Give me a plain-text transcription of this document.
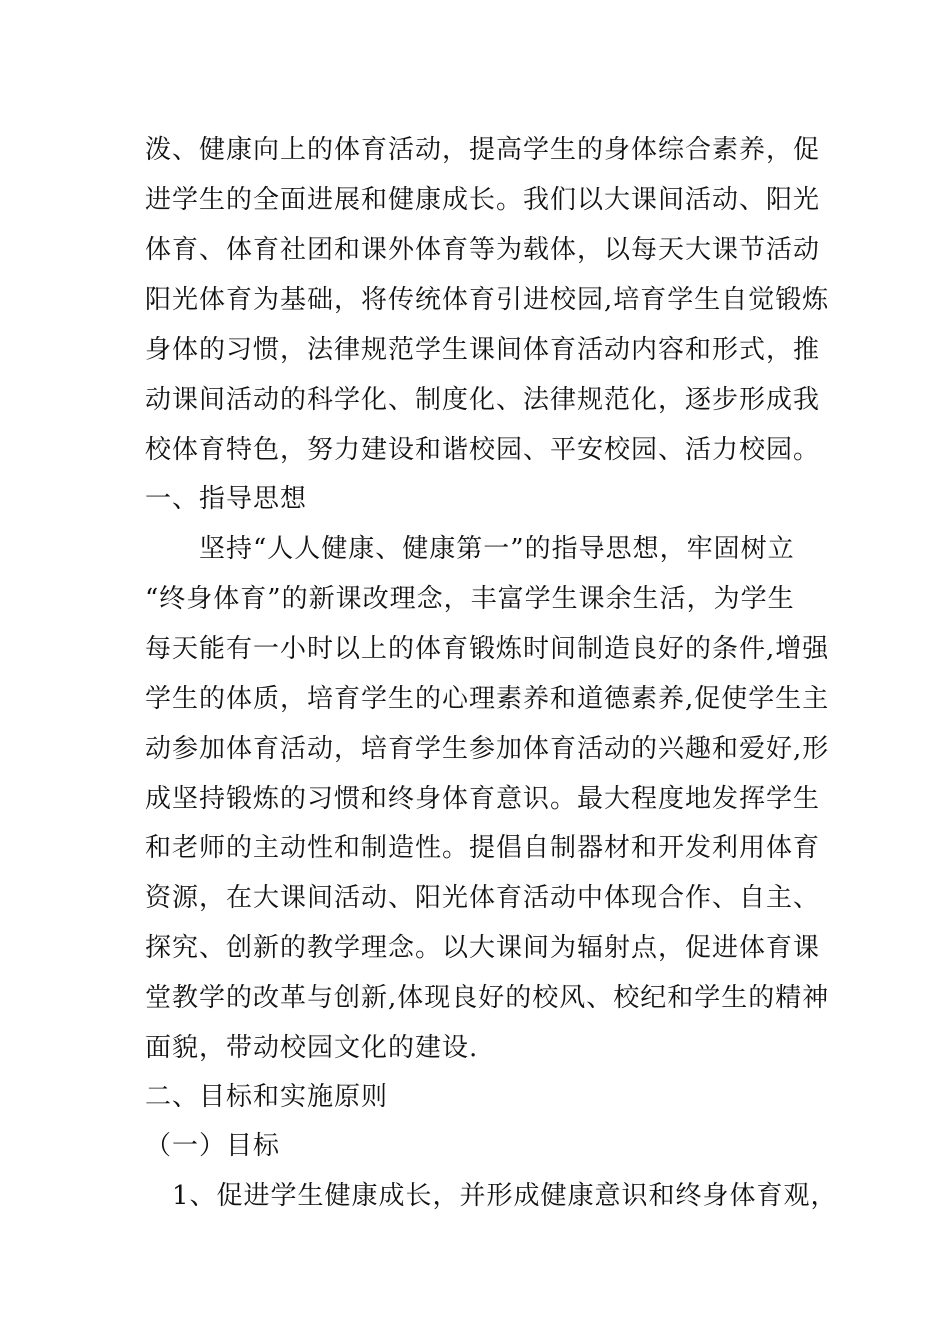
泼、健康向上的体育活动，提高学生的身体综合素养，促
进学生的全面进展和健康成长。我们以大课间活动、阳光
体育、体育社团和课外体育等为载体，以每天大课节活动
阳光体育为基础，将传统体育引进校园,培育学生自觉锻炼
身体的习惯，法律规范学生课间体育活动内容和形式，推
动课间活动的科学化、制度化、法律规范化，逐步形成我
校体育特色，努力建设和谐校园、平安校园、活力校园。
一、指导思想
　　坚持“人人健康、健康第一”的指导思想，牢固树立
“终身体育”的新课改理念，丰富学生课余生活，为学生
每天能有一小时以上的体育锻炼时间制造良好的条件,增强
学生的体质，培育学生的心理素养和道德素养,促使学生主
动参加体育活动，培育学生参加体育活动的兴趣和爱好,形
成坚持锻炼的习惯和终身体育意识。最大程度地发挥学生
和老师的主动性和制造性。提倡自制器材和开发利用体育
资源，在大课间活动、阳光体育活动中体现合作、自主、
探究、创新的教学理念。以大课间为辐射点，促进体育课
堂教学的改革与创新,体现良好的校风、校纪和学生的精神
面貌，带动校园文化的建设.
二、目标和实施原则
（一）目标
　1、促进学生健康成长，并形成健康意识和终身体育观，
